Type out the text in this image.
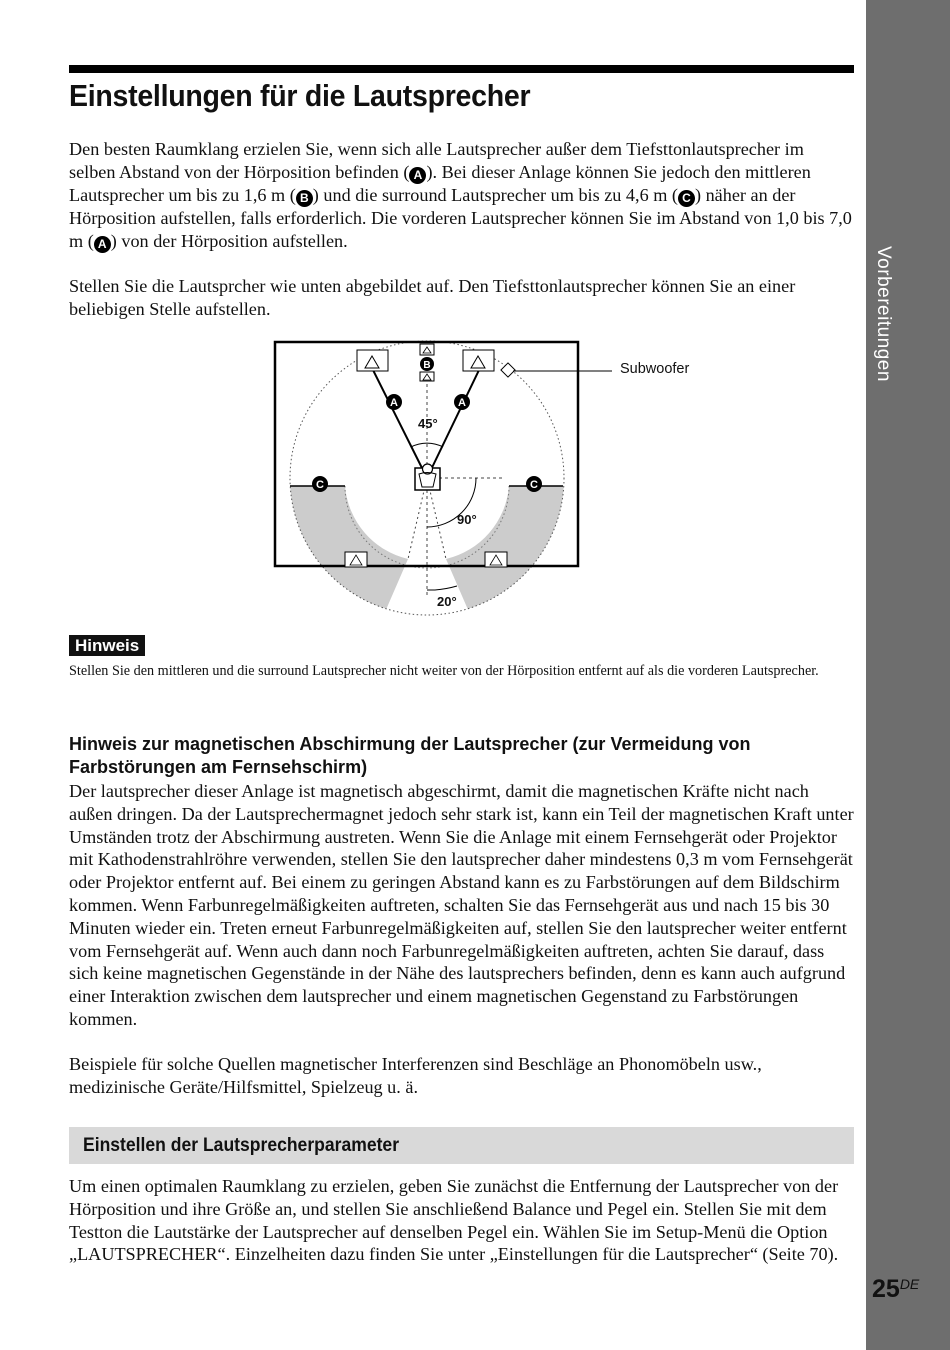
Vorbereitungen
25DE
Einstellungen für die Lautsprecher

Den besten Raumklang erzielen Sie, wenn sich alle Lautsprecher außer dem Tiefsttonlautsprecher im selben Abstand von der Hörposition befinden ( A ). Bei dieser Anlage können Sie jedoch den mittleren Lautsprecher um bis zu 1,6 m ( B ) und die surround Lautsprecher um bis zu 4,6 m ( C ) näher an der Hörposition aufstellen, falls erforderlich. Die vorderen Lautsprecher können Sie im Abstand von 1,0 bis 7,0 m ( A ) von der Hörposition aufstellen.

Stellen Sie die Lautsprcher wie unten abgebildet auf. Den Tiefsttonlautsprecher können Sie an einer beliebigen Stelle aufstellen.

Subwoofer
B
A	A
C	C
45°
90°
20°
Hinweis

Stellen Sie den mittleren und die surround Lautsprecher nicht weiter von der Hörposition entfernt auf als die vorderen Lautsprecher.

Hinweis zur magnetischen Abschirmung der Lautsprecher (zur Vermeidung von Farbstörungen am Fernsehschirm)

Der lautsprecher dieser Anlage ist magnetisch abgeschirmt, damit die magnetischen Kräfte nicht nach außen dringen. Da der Lautsprechermagnet jedoch sehr stark ist, kann ein Teil der magnetischen Kraft unter Umständen trotz der Abschirmung austreten. Wenn Sie die Anlage mit einem Fernsehgerät oder Projektor mit Kathodenstrahlröhre verwenden, stellen Sie den lautsprecher daher mindestens 0,3 m vom Fernsehgerät oder Projektor entfernt auf. Bei einem zu geringen Abstand kann es zu Farbstörungen auf dem Bildschirm kommen. Wenn Farbunregelmäßigkeiten auftreten, schalten Sie das Fernsehgerät aus und nach 15 bis 30 Minuten wieder ein. Treten erneut Farbunregelmäßigkeiten auf, stellen Sie den lautsprecher weiter entfernt vom Fernsehgerät auf. Wenn auch dann noch Farbunregelmäßigkeiten auftreten, achten Sie darauf, dass sich keine magnetischen Gegenstände in der Nähe des lautsprechers befinden, denn es kann auch aufgrund einer Interaktion zwischen dem lautsprecher und einem magnetischen Gegenstand zu Farbstörungen kommen.

Beispiele für solche Quellen magnetischer Interferenzen sind Beschläge an Phonomöbeln usw., medizinische Geräte/Hilfsmittel, Spielzeug u. ä.

Einstellen der Lautsprecherparameter

Um einen optimalen Raumklang zu erzielen, geben Sie zunächst die Entfernung der Lautsprecher von der Hörposition und ihre Größe an, und stellen Sie anschließend Balance und Pegel ein. Stellen Sie mit dem Testton die Lautstärke der Lautsprecher auf denselben Pegel ein. Wählen Sie im Setup-Menü die Option „LAUTSPRECHER“. Einzelheiten dazu finden Sie unter „Einstellungen für die Lautsprecher“ (Seite 70).
